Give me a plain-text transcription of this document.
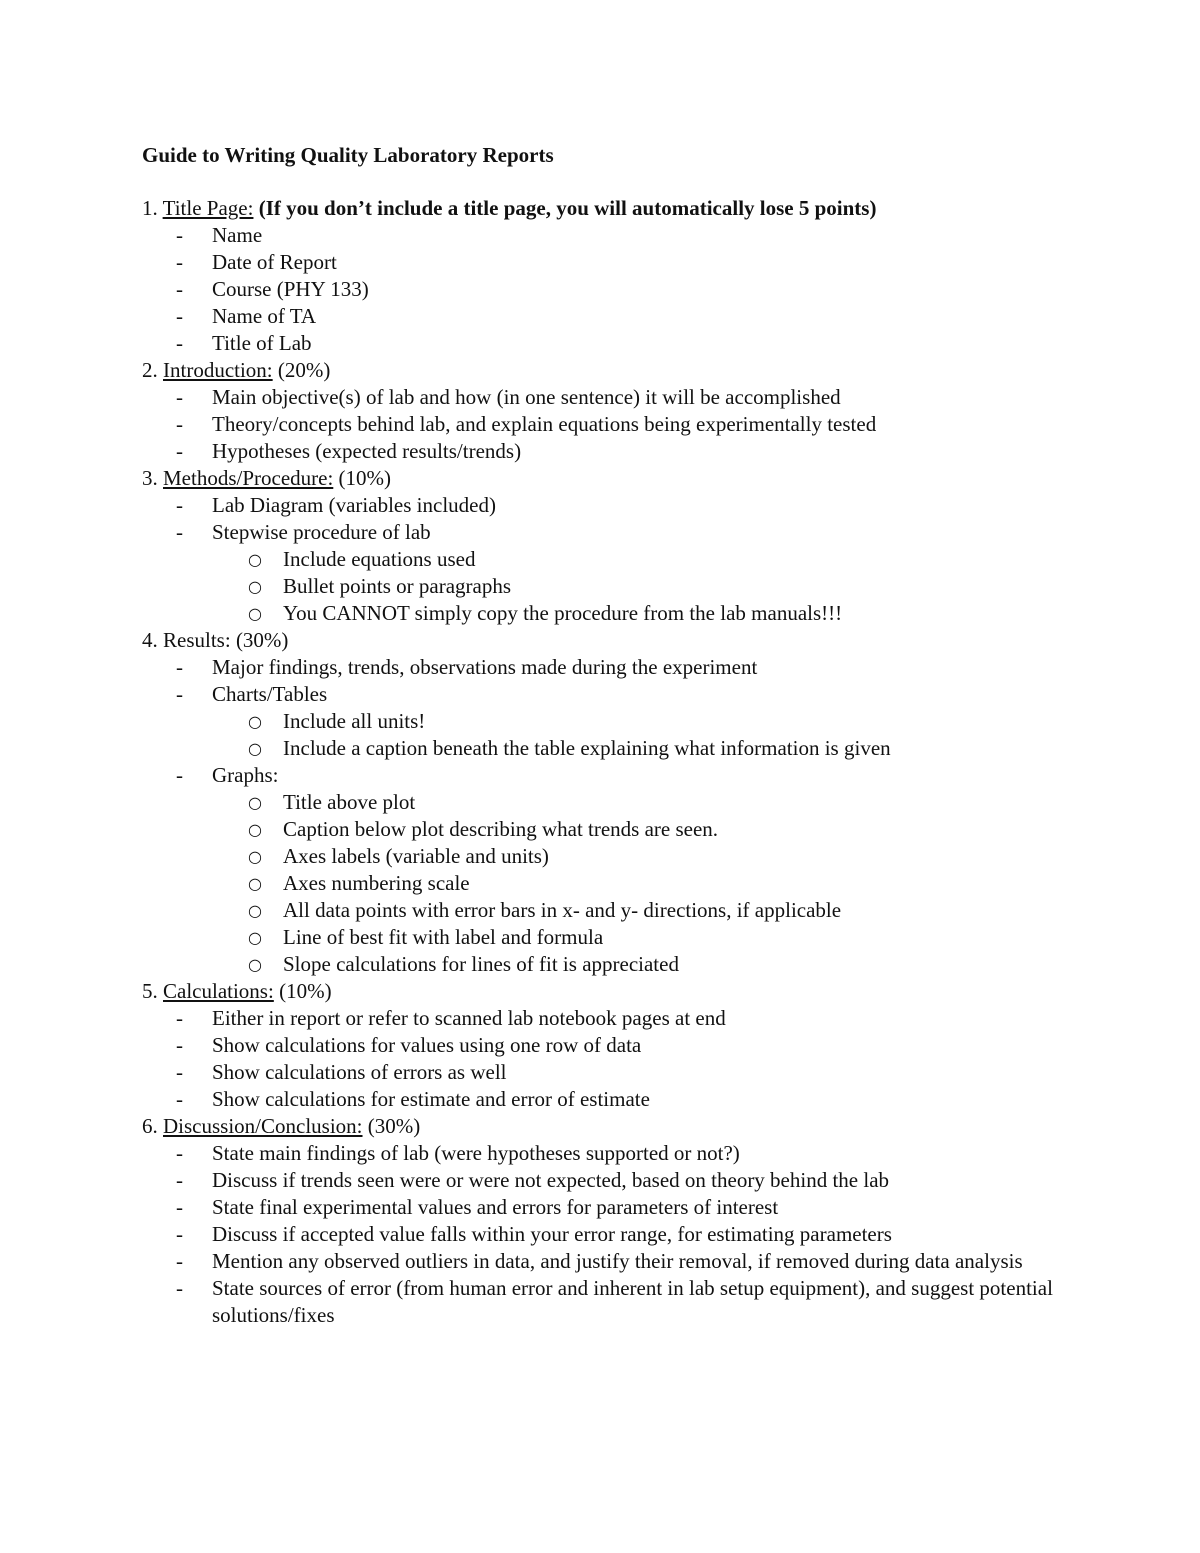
Guide to Writing Quality Laboratory Reports
1. Title Page: (If you don’t include a title page, you will automatically lose 5 points)
- Name
- Date of Report
- Course (PHY 133)
- Name of TA
- Title of Lab
2. Introduction: (20%)
- Main objective(s) of lab and how (in one sentence) it will be accomplished
- Theory/concepts behind lab, and explain equations being experimentally tested
- Hypotheses (expected results/trends)
3. Methods/Procedure: (10%)
- Lab Diagram (variables included)
- Stepwise procedure of lab
○ Include equations used
○ Bullet points or paragraphs
○ You CANNOT simply copy the procedure from the lab manuals!!!
4. Results: (30%)
- Major findings, trends, observations made during the experiment
- Charts/Tables
○ Include all units!
○ Include a caption beneath the table explaining what information is given
- Graphs:
○ Title above plot
○ Caption below plot describing what trends are seen.
○ Axes labels (variable and units)
○ Axes numbering scale
○ All data points with error bars in x- and y- directions, if applicable
○ Line of best fit with label and formula
○ Slope calculations for lines of fit is appreciated
5. Calculations: (10%)
- Either in report or refer to scanned lab notebook pages at end
- Show calculations for values using one row of data
- Show calculations of errors as well
- Show calculations for estimate and error of estimate
6. Discussion/Conclusion: (30%)
- State main findings of lab (were hypotheses supported or not?)
- Discuss if trends seen were or were not expected, based on theory behind the lab
- State final experimental values and errors for parameters of interest
- Discuss if accepted value falls within your error range, for estimating parameters
- Mention any observed outliers in data, and justify their removal, if removed during data analysis
- State sources of error (from human error and inherent in lab setup equipment), and suggest potential solutions/fixes
